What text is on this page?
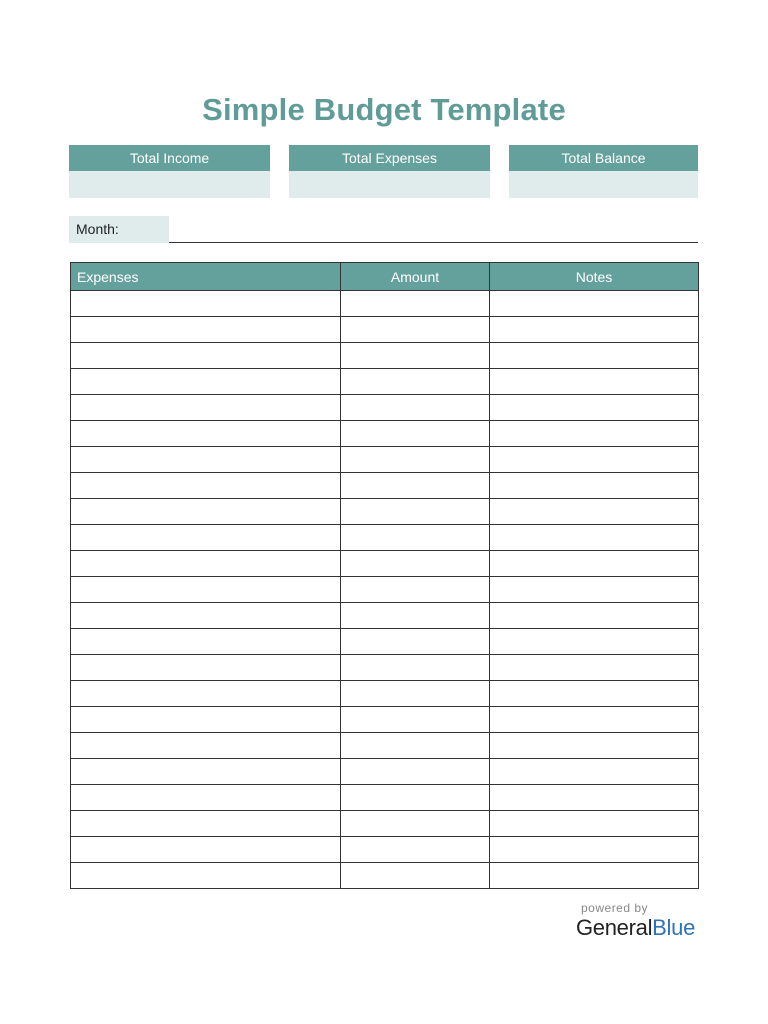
Simple Budget Template
Total Income	Total Expenses	Total Balance
Month:
Expenses	Amount	Notes

powered by
GeneralBlue
